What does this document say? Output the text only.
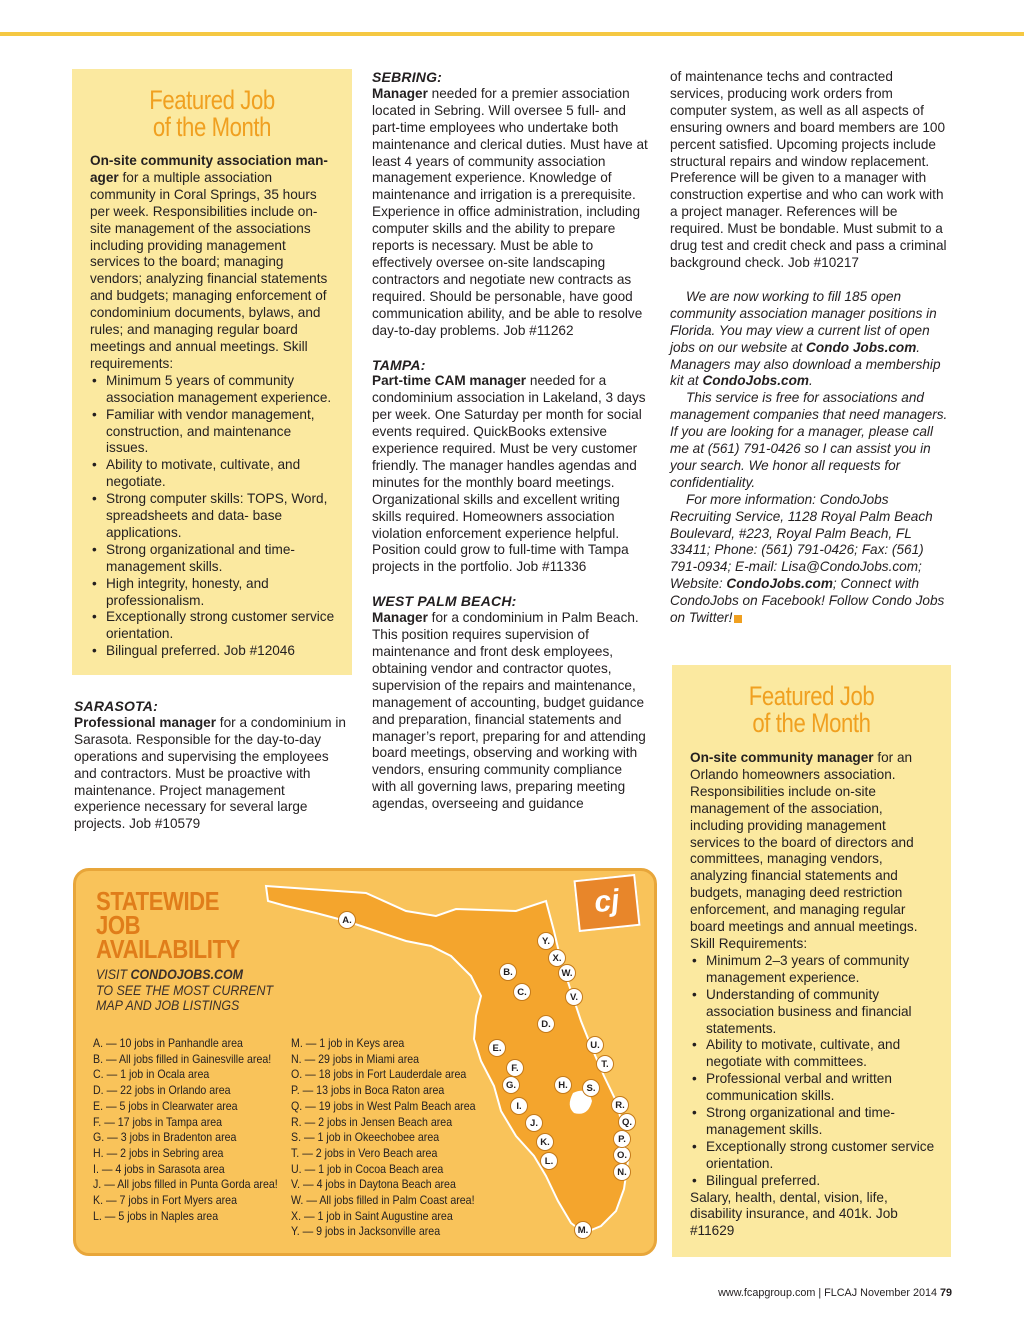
Featured Job
of the Month

On-site community association man- ager for a multiple association community in Coral Springs, 35 hours per week. Responsibilities include on-site management of the associations including providing management services to the board; managing vendors; analyzing financial statements and budgets; managing enforcement of condominium documents, bylaws, and rules; and managing regular board meetings and annual meetings. Skill requirements:

• Minimum 5 years of community association management experience.
• Familiar with vendor management, construction, and maintenance issues.
• Ability to motivate, cultivate, and negotiate.
• Strong computer skills: TOPS, Word, spreadsheets and data- base applications.
• Strong organizational and time- management skills.
• High integrity, honesty, and professionalism.
• Exceptionally strong customer service orientation.
• Bilingual preferred. Job #12046
SARASOTA:

Professional manager for a condominium in Sarasota. Responsible for the day-to-day operations and supervising the employees and contractors. Must be proactive with maintenance. Project management experience necessary for several large projects. Job #10579

SEBRING:

Manager needed for a premier association located in Sebring. Will oversee 5 full- and part-time employees who undertake both maintenance and clerical duties. Must have at least 4 years of community association management experience. Knowledge of maintenance and irrigation is a prerequisite. Experience in office administration, including computer skills and the ability to prepare reports is necessary. Must be able to effectively oversee on-site landscaping contractors and negotiate new contracts as required. Should be personable, have good communication ability, and be able to resolve day-to-day problems. Job #11262

TAMPA:

Part-time CAM manager needed for a condominium association in Lakeland, 3 days per week. One Saturday per month for social events required. QuickBooks extensive experience required. Must be very customer friendly. The manager handles agendas and minutes for the monthly board meetings. Organizational skills and excellent writing skills required. Homeowners association violation enforcement experience helpful. Position could grow to full-time with Tampa projects in the portfolio. Job #11336

WEST PALM BEACH:

Manager for a condominium in Palm Beach. This position requires supervision of maintenance and front desk employees, obtaining vendor and contractor quotes, supervision of the repairs and maintenance, management of accounting, budget guidance and preparation, financial statements and manager’s report, preparing for and attending board meetings, observing and working with vendors, ensuring community compliance with all governing laws, preparing meeting agendas, overseeing and guidance

of maintenance techs and contracted services, producing work orders from computer system, as well as all aspects of ensuring owners and board members are 100 percent satisfied. Upcoming projects include structural repairs and window replacement. Preference will be given to a manager with construction expertise and who can work with a project manager. References will be required. Must be bondable. Must submit to a drug test and credit check and pass a criminal background check. Job #10217

We are now working to fill 185 open community association manager positions in Florida. You may view a current list of open jobs on our website at Condo Jobs.com. Managers may also download a membership kit at CondoJobs.com.

This service is free for associations and management companies that need managers. If you are looking for a manager, please call me at (561) 791-0426 so I can assist you in your search. We honor all requests for confidentiality.

For more information: CondoJobs Recruiting Service, 1128 Royal Palm Beach Boulevard, #223, Royal Palm Beach, FL 33411; Phone: (561) 791-0426; Fax: (561) 791-0934; E-mail: Lisa@CondoJobs.com; Website: CondoJobs.com; Connect with CondoJobs on Facebook! Follow Condo Jobs on Twitter!

Featured Job
of the Month

On-site community manager for an Orlando homeowners association. Responsibilities include on-site management of the association, including providing management services to the board of directors and committees, managing vendors, analyzing financial statements and budgets, managing deed restriction enforcement, and managing regular board meetings and annual meetings.

Skill Requirements:

• Minimum 2–3 years of community management experience.
• Understanding of community association business and financial statements.
• Ability to motivate, cultivate, and negotiate with committees.
• Professional verbal and written communication skills.
• Strong organizational and time- management skills.
• Exceptionally strong customer service orientation.
• Bilingual preferred.

Salary, health, dental, vision, life, disability insurance, and 401k. Job #11629

cj
STATEWIDE
JOB
AVAILABILITY
VISIT CONDOJOBS.COM
TO SEE THE MOST CURRENT
MAP AND JOB LISTINGS
A. — 10 jobs in Panhandle area
B. — All jobs filled in Gainesville area!
C. — 1 job in Ocala area
D. — 22 jobs in Orlando area
E. — 5 jobs in Clearwater area
F. — 17 jobs in Tampa area
G. — 3 jobs in Bradenton area
H. — 2 jobs in Sebring area
I. — 4 jobs in Sarasota area
J. — All jobs filled in Punta Gorda area!
K. — 7 jobs in Fort Myers area
L. — 5 jobs in Naples area
M. — 1 job in Keys area
N. — 29 jobs in Miami area
O. — 18 jobs in Fort Lauderdale area
P. — 13 jobs in Boca Raton area
Q. — 19 jobs in West Palm Beach area
R. — 2 jobs in Jensen Beach area
S. — 1 job in Okeechobee area
T. — 2 jobs in Vero Beach area
U. — 1 job in Cocoa Beach area
V. — 4 jobs in Daytona Beach area
W. — All jobs filled in Palm Coast area!
X. — 1 job in Saint Augustine area
Y. — 9 jobs in Jacksonville area
A.
B.
C.
D.
E.
F.
G.	H.
I.
J.
K.
L.
M.
N.
O.
P.
Q.
R.
S.
T.
U.
V.
W.
X.
Y.
www.fcapgroup.com | FLCAJ November 2014 79
